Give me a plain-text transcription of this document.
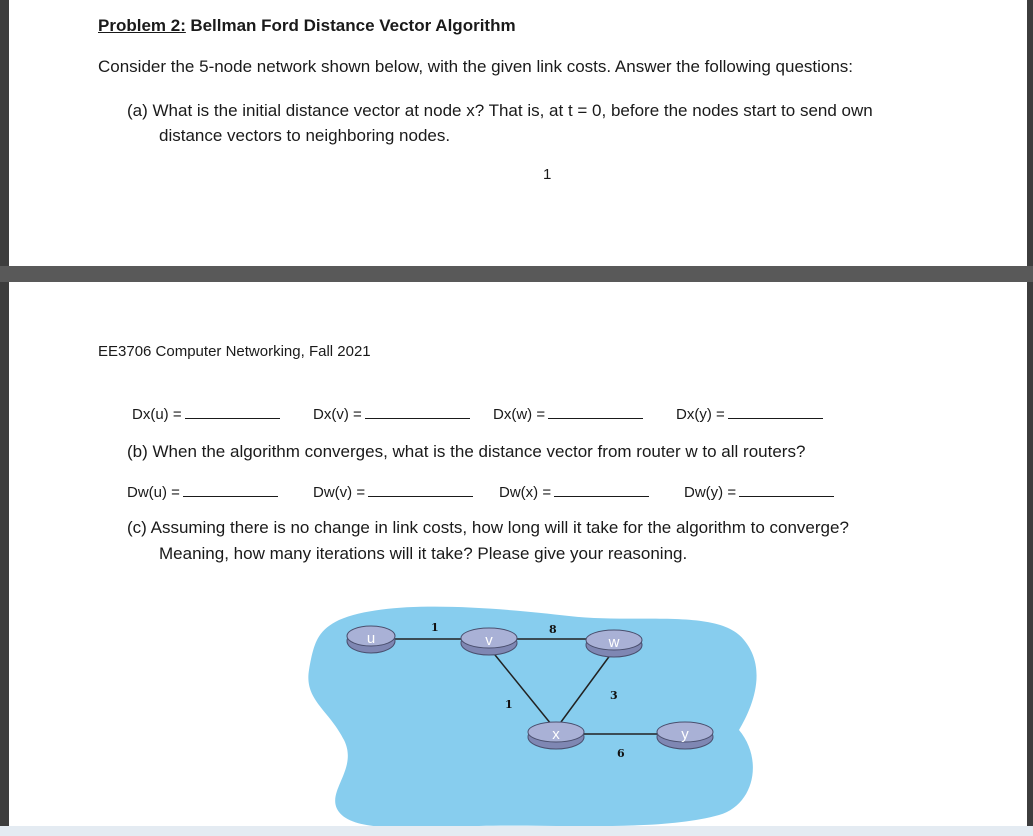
Problem 2: Bellman Ford Distance Vector Algorithm
Consider the 5-node network shown below, with the given link costs. Answer the following questions:
(a) What is the initial distance vector at node x? That is, at t = 0, before the nodes start to send own
distance vectors to neighboring nodes.
1
EE3706 Computer Networking, Fall 2021
Dx(u) =	Dx(v) =	Dx(w) =	Dx(y) =
(b) When the algorithm converges, what is the distance vector from router w to all routers?
Dw(u) =	Dw(v) =	Dw(x) =	Dw(y) =
(c) Assuming there is no change in link costs, how long will it take for the algorithm to converge?
Meaning, how many iterations will it take? Please give your reasoning.
1	8
1
3
6
u	v	w
x	y
